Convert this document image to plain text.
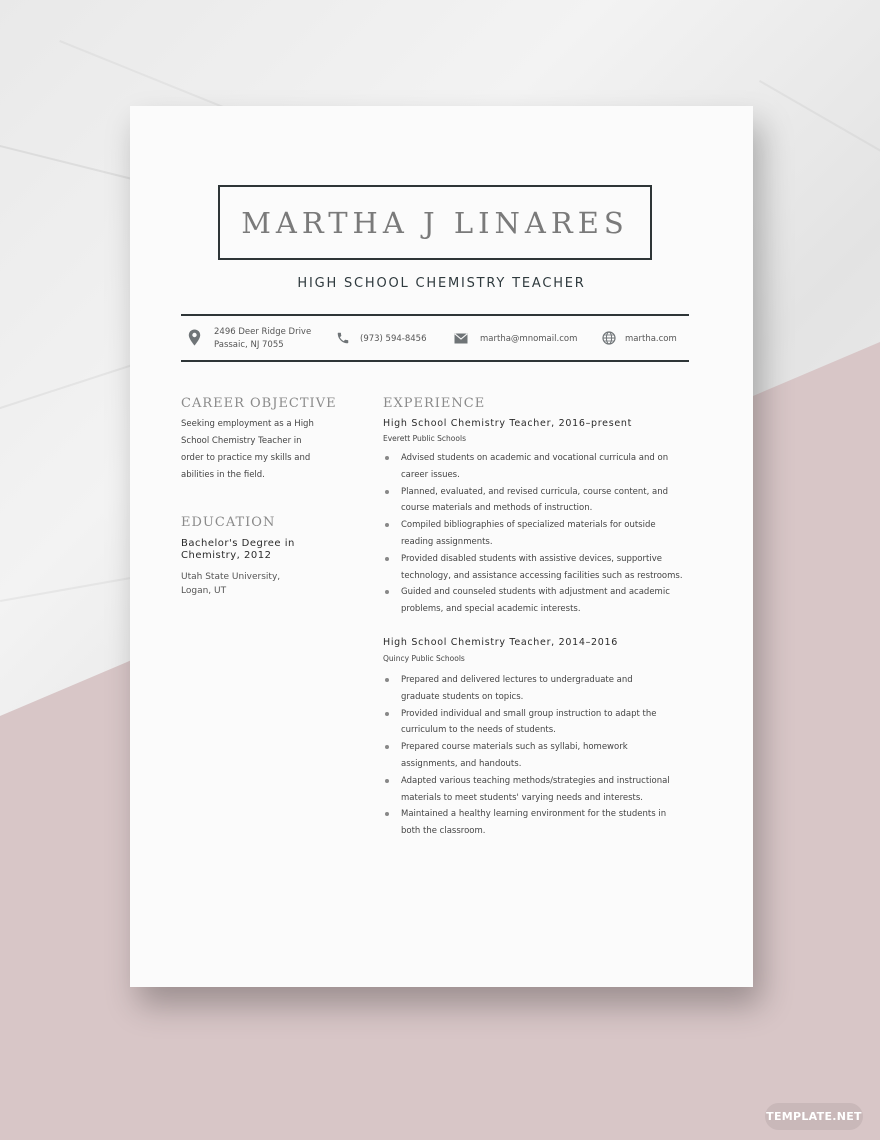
MARTHA J LINARES
HIGH SCHOOL CHEMISTRY TEACHER
2496 Deer Ridge Drive
Passaic, NJ 7055
(973) 594-8456	martha@mnomail.com	martha.com
CAREER OBJECTIVE
Seeking employment as a High
School Chemistry Teacher in
order to practice my skills and
abilities in the field.
EDUCATION
Bachelor's Degree in
Chemistry, 2012
Utah State University,
Logan, UT
EXPERIENCE
High School Chemistry Teacher, 2016–present
Everett Public Schools
Advised students on academic and vocational curricula and on
career issues.
Planned, evaluated, and revised curricula, course content, and
course materials and methods of instruction.
Compiled bibliographies of specialized materials for outside
reading assignments.
Provided disabled students with assistive devices, supportive
technology, and assistance accessing facilities such as restrooms.
Guided and counseled students with adjustment and academic
problems, and special academic interests.
High School Chemistry Teacher, 2014–2016
Quincy Public Schools
Prepared and delivered lectures to undergraduate and
graduate students on topics.
Provided individual and small group instruction to adapt the
curriculum to the needs of students.
Prepared course materials such as syllabi, homework
assignments, and handouts.
Adapted various teaching methods/strategies and instructional
materials to meet students' varying needs and interests.
Maintained a healthy learning environment for the students in
both the classroom.
TEMPLATE.NET
